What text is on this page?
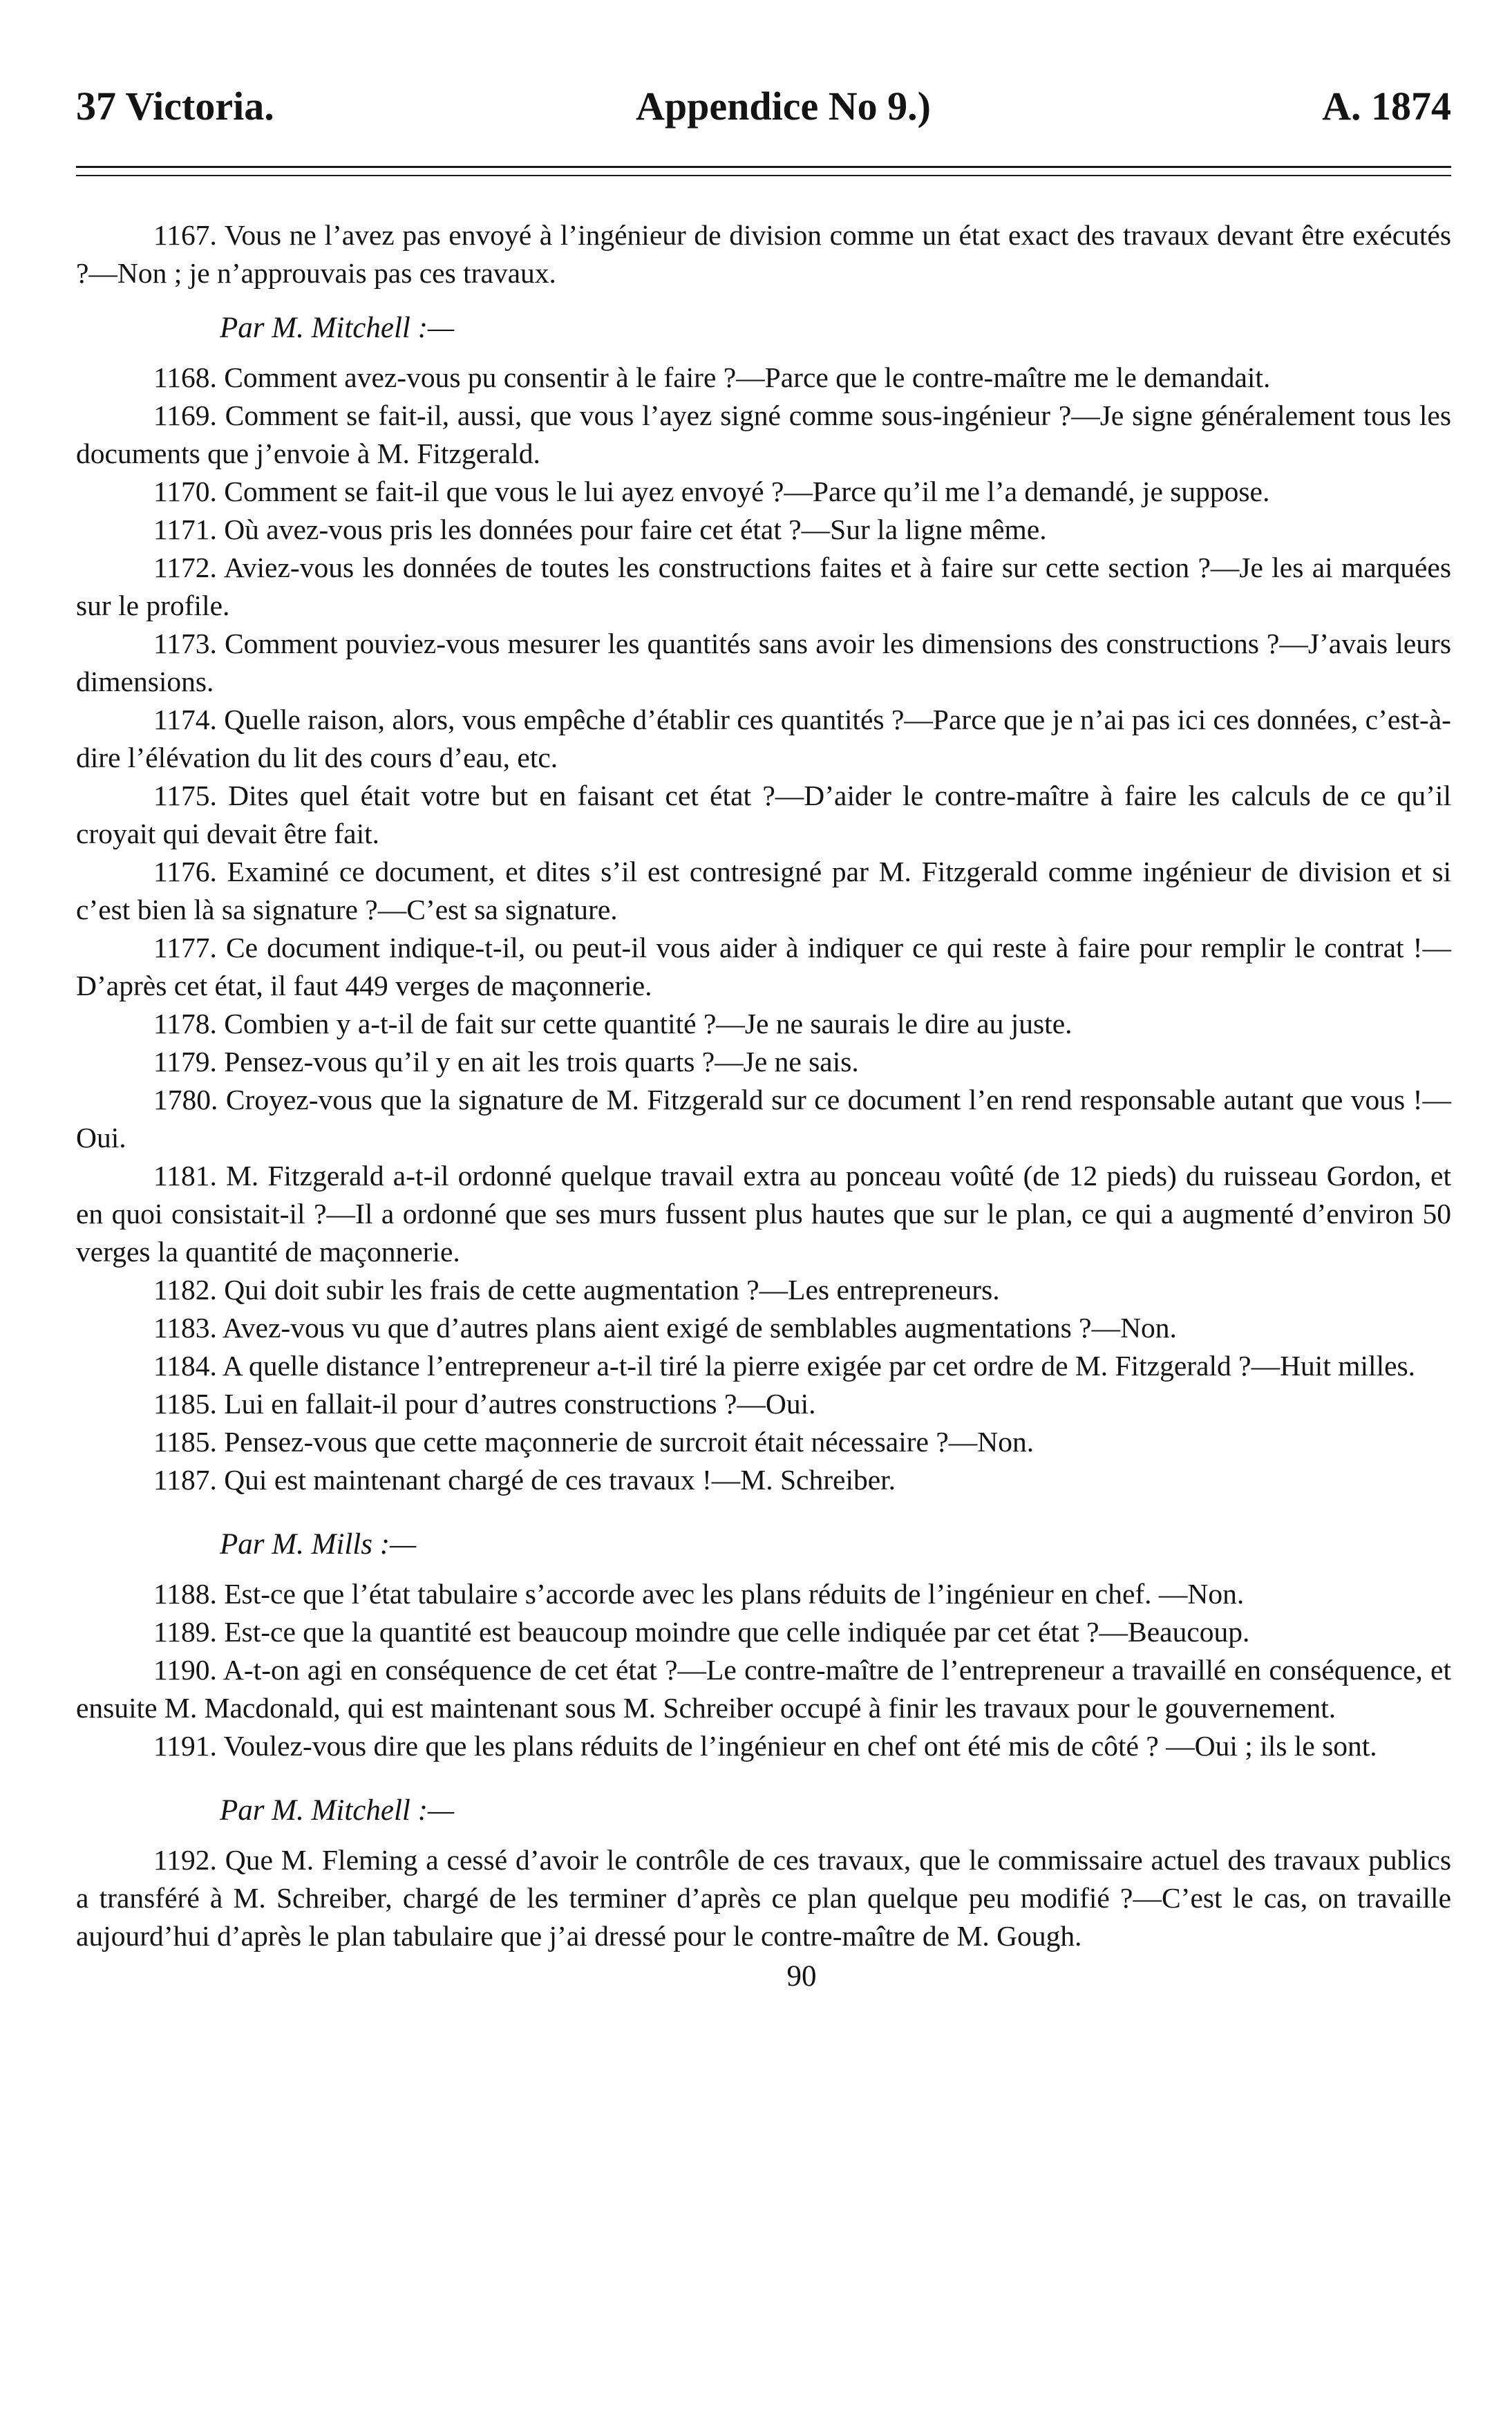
37 Victoria.	Appendice No 9.)	A. 1874

1167. Vous ne l’avez pas envoyé à l’ingénieur de division comme un état exact des travaux devant être exécutés ?—Non ; je n’approuvais pas ces travaux.

Par M. Mitchell :—

1168. Comment avez-vous pu consentir à le faire ?—Parce que le contre-maître me le demandait.

1169. Comment se fait-il, aussi, que vous l’ayez signé comme sous-ingénieur ?—Je signe généralement tous les documents que j’envoie à M. Fitzgerald.

1170. Comment se fait-il que vous le lui ayez envoyé ?—Parce qu’il me l’a demandé, je suppose.

1171. Où avez-vous pris les données pour faire cet état ?—Sur la ligne même.

1172. Aviez-vous les données de toutes les constructions faites et à faire sur cette section ?—Je les ai marquées sur le profile.

1173. Comment pouviez-vous mesurer les quantités sans avoir les dimensions des constructions ?—J’avais leurs dimensions.

1174. Quelle raison, alors, vous empêche d’établir ces quantités ?—Parce que je n’ai pas ici ces données, c’est-à-dire l’élévation du lit des cours d’eau, etc.

1175. Dites quel était votre but en faisant cet état ?—D’aider le contre-maître à faire les calculs de ce qu’il croyait qui devait être fait.

1176. Examiné ce document, et dites s’il est contresigné par M. Fitzgerald comme ingénieur de division et si c’est bien là sa signature ?—C’est sa signature.

1177. Ce document indique-t-il, ou peut-il vous aider à indiquer ce qui reste à faire pour remplir le contrat !—D’après cet état, il faut 449 verges de maçonnerie.

1178. Combien y a-t-il de fait sur cette quantité ?—Je ne saurais le dire au juste.

1179. Pensez-vous qu’il y en ait les trois quarts ?—Je ne sais.

1780. Croyez-vous que la signature de M. Fitzgerald sur ce document l’en rend responsable autant que vous !—Oui.

1181. M. Fitzgerald a-t-il ordonné quelque travail extra au ponceau voûté (de 12 pieds) du ruisseau Gordon, et en quoi consistait-il ?—Il a ordonné que ses murs fussent plus hautes que sur le plan, ce qui a augmenté d’environ 50 verges la quantité de maçonnerie.

1182. Qui doit subir les frais de cette augmentation ?—Les entrepreneurs.

1183. Avez-vous vu que d’autres plans aient exigé de semblables augmentations ?—Non.

1184. A quelle distance l’entrepreneur a-t-il tiré la pierre exigée par cet ordre de M. Fitzgerald ?—Huit milles.

1185. Lui en fallait-il pour d’autres constructions ?—Oui.

1185. Pensez-vous que cette maçonnerie de surcroit était nécessaire ?—Non.

1187. Qui est maintenant chargé de ces travaux !—M. Schreiber.

Par M. Mills :—

1188. Est-ce que l’état tabulaire s’accorde avec les plans réduits de l’ingénieur en chef. —Non.

1189. Est-ce que la quantité est beaucoup moindre que celle indiquée par cet état ?—Beaucoup.

1190. A-t-on agi en conséquence de cet état ?—Le contre-maître de l’entrepreneur a travaillé en conséquence, et ensuite M. Macdonald, qui est maintenant sous M. Schreiber occupé à finir les travaux pour le gouvernement.

1191. Voulez-vous dire que les plans réduits de l’ingénieur en chef ont été mis de côté ? —Oui ; ils le sont.

Par M. Mitchell :—

1192. Que M. Fleming a cessé d’avoir le contrôle de ces travaux, que le commissaire actuel des travaux publics a transféré à M. Schreiber, chargé de les terminer d’après ce plan quelque peu modifié ?—C’est le cas, on travaille aujourd’hui d’après le plan tabulaire que j’ai dressé pour le contre-maître de M. Gough.

90
